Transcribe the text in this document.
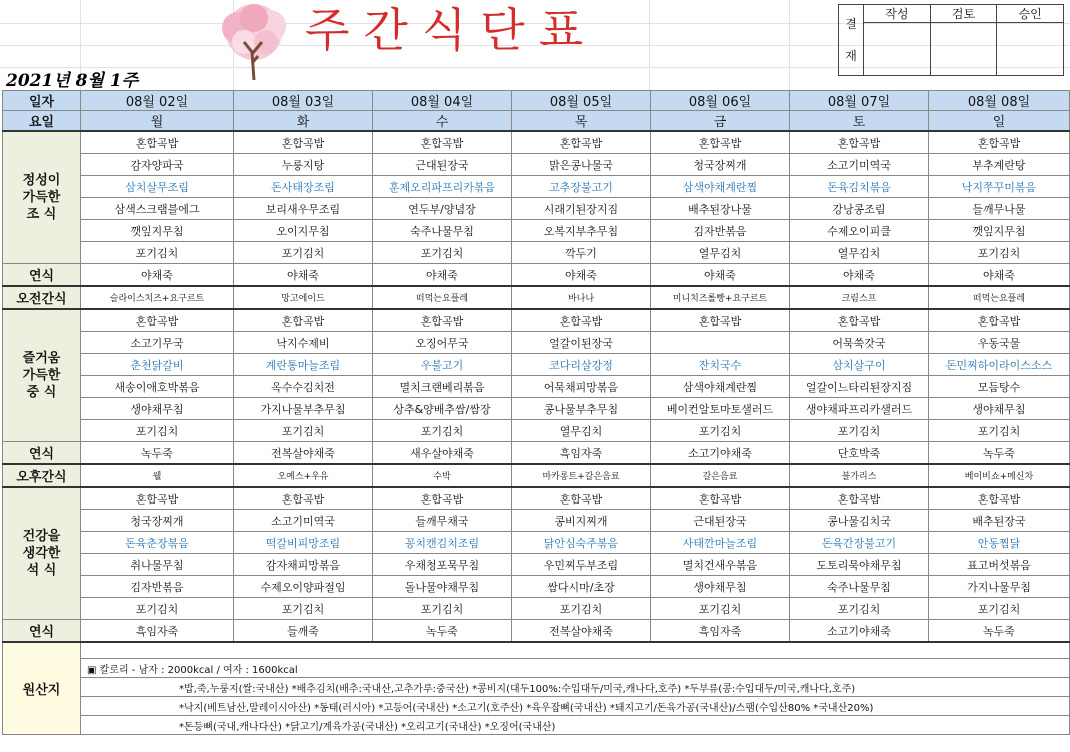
주간식단표
2021년 8월 1주
결

재	작성	검토	승인

일자	08월 02일	08월 03일	08월 04일	08월 05일	08월 06일	08월 07일	08월 08일
요일	월	화	수	목	금	토	일
정성이
가득한
조 식	혼합곡밥	혼합곡밥	혼합곡밥	혼합곡밥	혼합곡밥	혼합곡밥	혼합곡밥
	감자양파국	누룽지탕	근대된장국	맑은콩나물국	청국장찌개	소고기미역국	부추계란탕
	삼치살무조림	돈사태장조림	훈제오리파프리카볶음	고추장불고기	삼색야채계란찜	돈육김치볶음	낙지쭈꾸미볶음
	삼색스크램블에그	보리새우무조림	연두부/양념장	시래기된장지짐	배추된장나물	강낭콩조림	들깨무나물
	깻잎지무침	오이지무침	숙주나물무침	오복지부추무침	김자반볶음	수제오이피클	깻잎지무침
	포기김치	포기김치	포기김치	깍두기	열무김치	열무김치	포기김치
연식	야채죽	야채죽	야채죽	야채죽	야채죽	야채죽	야채죽
오전간식	슬라이스치즈+요구르트	망고에이드	떠먹는요플레	바나나	미니치즈롤빵+요구르트	크림스프	떠먹는요플레
즐거움
가득한
중 식	혼합곡밥	혼합곡밥	혼합곡밥	혼합곡밥	혼합곡밥	혼합곡밥	혼합곡밥
	소고기무국	낙지수제비	오징어무국	얼갈이된장국		어묵쑥갓국	우동국물
	춘천닭갈비	계란통마늘조림	우불고기	코다리살강정	잔치국수	삼치살구이	돈민찌하이라이스소스
	새송이애호박볶음	옥수수김치전	멸치크랜베리볶음	어묵채피망볶음	삼색야채계란찜	얼갈이느타리된장지짐	모듬탕수
	생야채무침	가지나물부추무침	상추&양배추쌈/쌈장	콩나물부추무침	베이컨알토마토샐러드	생야채파프리카샐러드	생야채무침
	포기김치	포기김치	포기김치	열무김치	포기김치	포기김치	포기김치
연식	녹두죽	전복살야채죽	새우살야채죽	흑임자죽	소고기야채죽	단호박죽	녹두죽
오후간식	웰	오예스+우유	수박	마카롱트+갈은음료	갈은음료	블가리스	베이비쇼+메신차
건강을
생각한
석 식	혼합곡밥	혼합곡밥	혼합곡밥	혼합곡밥	혼합곡밥	혼합곡밥	혼합곡밥
	청국장찌개	소고기미역국	들깨무채국	콩비지찌개	근대된장국	콩나물김치국	배추된장국
	돈육춘장볶음	떡갈비피망조림	꽁치캔김치조림	닭안심숙주볶음	사태깐마늘조림	돈육간장불고기	안동찜닭
	취나물무침	감자채피망볶음	우채청포묵무침	우민찌두부조림	멸치건새우볶음	도토리묵야채무침	표고버섯볶음
	김자반볶음	수제오이양파절임	돌나물야채무침	쌈다시마/초장	생야채무침	숙주나물무침	가지나물무침
	포기김치	포기김치	포기김치	포기김치	포기김치	포기김치	포기김치
연식	흑임자죽	들깨죽	녹두죽	전복살야채죽	흑임자죽	소고기야채죽	녹두죽
원산지							
	▣ 칼로리 - 남자 : 2000kcal / 여자 : 1600kcal						
	*밥,죽,누룽지(쌀:국내산) *배추김치(배추:국내산,고추가루:중국산) *콩비지(대두100%:수입대두/미국,캐나다,호주) *두부류(콩:수입대두/미국,캐나다,호주)						
	*낙지(베트남산,말레이시아산) *동태(러시아) *고등어(국내산) *소고기(호주산) *육우잡뼈(국내산) *돼지고기/돈육가공(국내산)/스팸(수입산80% *국내산20%)						
	*돈등뼈(국내,캐나다산) *닭고기/계육가공(국내산) *오리고기(국내산) *오징어(국내산)						
